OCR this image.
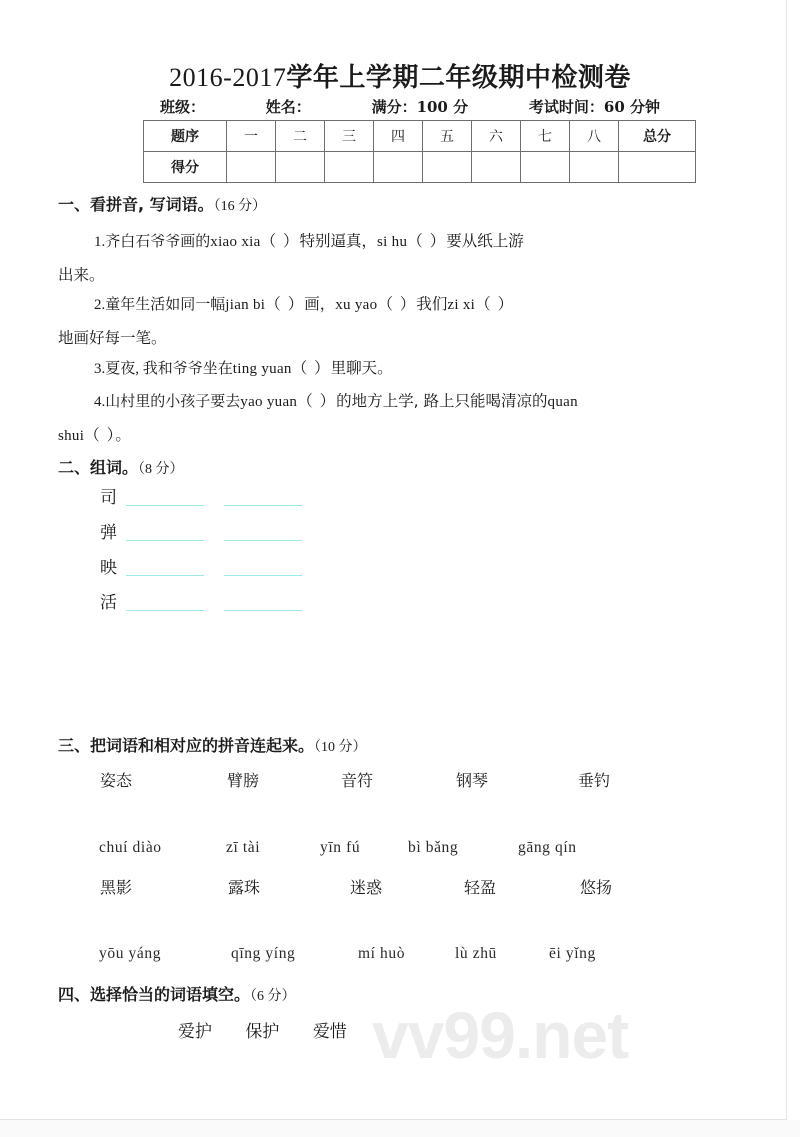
vv99.net
2016-2017学年上学期二年级期中检测卷
班级：	姓名：	满分：100 分	考试时间：60 分钟
题序	一	二	三	四	五	六	七	八	总分
得分									
一、看拼音, 写词语。（16 分）
1.齐白石爷爷画的xiao xia（ ）特别逼真，si hu（ ）要从纸上游
出来。
2.童年生活如同一幅jian bi（ ）画，xu yao（ ）我们zi xi（ ）
地画好每一笔。
3.夏夜, 我和爷爷坐在ting yuan（ ）里聊天。
4.山村里的小孩子要去yao yuan（ ）的地方上学, 路上只能喝清凉的quan
shui（ ）。
二、组词。（8 分）
司
弹
映
活
三、把词语和相对应的拼音连起来。（10 分）
姿态	臂膀	音符	钢琴	垂钓
chuí diào	zī tài	yīn fú	bì bǎng	gāng qín
黑影	露珠	迷惑	轻盈	悠扬
yōu yáng	qīng yíng	mí huò	lù zhū	ēi yǐng
四、选择恰当的词语填空。（6 分）
爱护 保护 爱惜
